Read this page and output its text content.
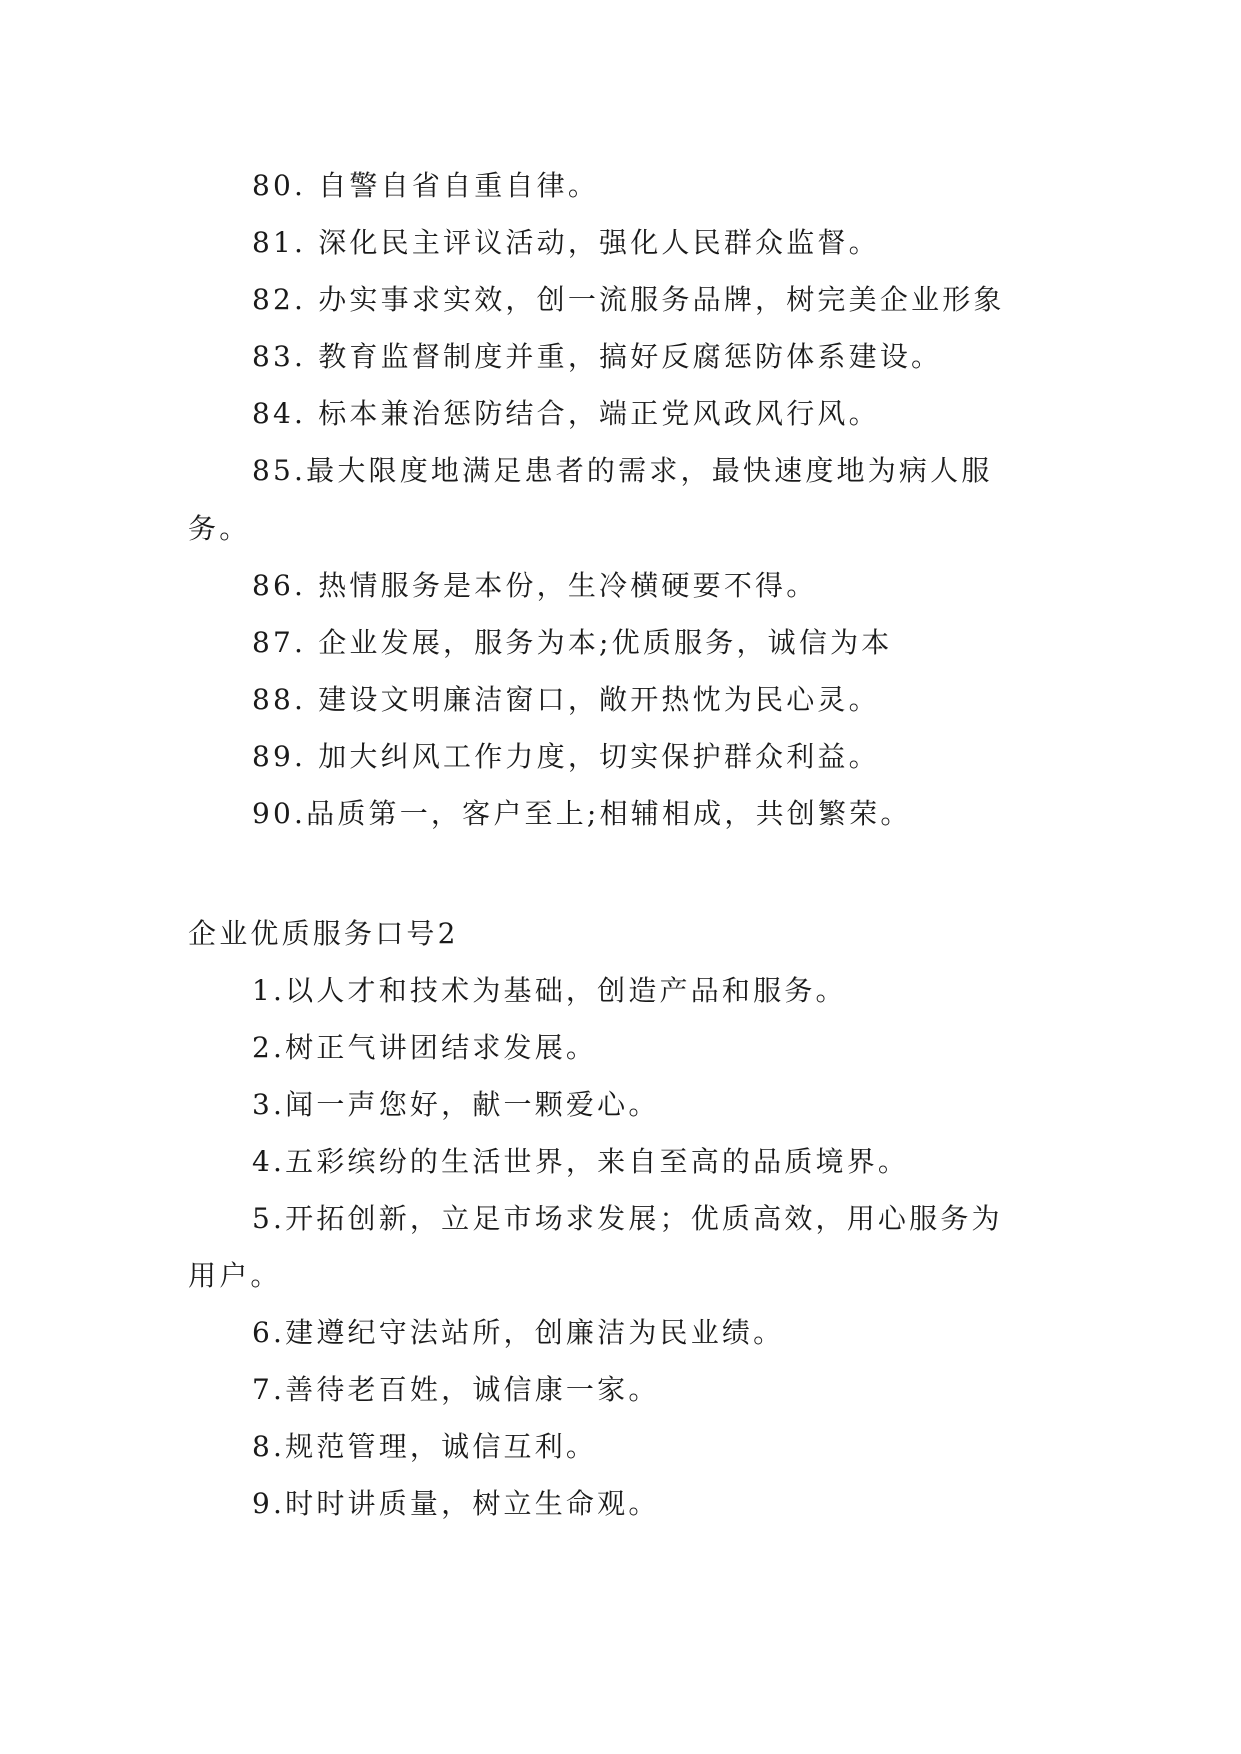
80. 自警自省自重自律。
81. 深化民主评议活动，强化人民群众监督。
82. 办实事求实效，创一流服务品牌，树完美企业形象
83. 教育监督制度并重，搞好反腐惩防体系建设。
84. 标本兼治惩防结合，端正党风政风行风。
85.最大限度地满足患者的需求，最快速度地为病人服
务。
86. 热情服务是本份，生冷横硬要不得。
87. 企业发展，服务为本;优质服务，诚信为本
88. 建设文明廉洁窗口，敞开热忱为民心灵。
89. 加大纠风工作力度，切实保护群众利益。
90.品质第一，客户至上;相辅相成，共创繁荣。
企业优质服务口号2
1.以人才和技术为基础，创造产品和服务。
2.树正气讲团结求发展。
3.闻一声您好，献一颗爱心。
4.五彩缤纷的生活世界，来自至高的品质境界。
5.开拓创新，立足市场求发展；优质高效，用心服务为
用户。
6.建遵纪守法站所，创廉洁为民业绩。
7.善待老百姓，诚信康一家。
8.规范管理，诚信互利。
9.时时讲质量，树立生命观。
